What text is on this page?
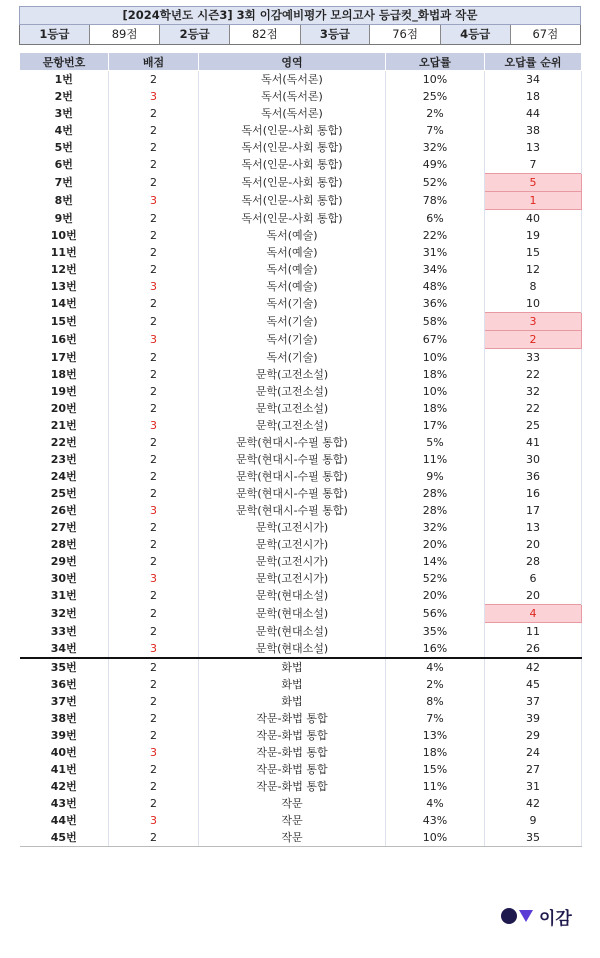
[2024학년도 시즌3] 3회 이감예비평가 모의고사 등급컷_화법과 작문
1등급	89점	2등급	82점	3등급	76점	4등급	67점
문항번호	배점	영역	오답률	오답률 순위
1번	2	독서(독서론)	10%	34
2번	3	독서(독서론)	25%	18
3번	2	독서(독서론)	2%	44
4번	2	독서(인문-사회 통합)	7%	38
5번	2	독서(인문-사회 통합)	32%	13
6번	2	독서(인문-사회 통합)	49%	7
7번	2	독서(인문-사회 통합)	52%	5
8번	3	독서(인문-사회 통합)	78%	1
9번	2	독서(인문-사회 통합)	6%	40
10번	2	독서(예술)	22%	19
11번	2	독서(예술)	31%	15
12번	2	독서(예술)	34%	12
13번	3	독서(예술)	48%	8
14번	2	독서(기술)	36%	10
15번	2	독서(기술)	58%	3
16번	3	독서(기술)	67%	2
17번	2	독서(기술)	10%	33
18번	2	문학(고전소설)	18%	22
19번	2	문학(고전소설)	10%	32
20번	2	문학(고전소설)	18%	22
21번	3	문학(고전소설)	17%	25
22번	2	문학(현대시-수필 통합)	5%	41
23번	2	문학(현대시-수필 통합)	11%	30
24번	2	문학(현대시-수필 통합)	9%	36
25번	2	문학(현대시-수필 통합)	28%	16
26번	3	문학(현대시-수필 통합)	28%	17
27번	2	문학(고전시가)	32%	13
28번	2	문학(고전시가)	20%	20
29번	2	문학(고전시가)	14%	28
30번	3	문학(고전시가)	52%	6
31번	2	문학(현대소설)	20%	20
32번	2	문학(현대소설)	56%	4
33번	2	문학(현대소설)	35%	11
34번	3	문학(현대소설)	16%	26
35번	2	화법	4%	42
36번	2	화법	2%	45
37번	2	화법	8%	37
38번	2	작문-화법 통합	7%	39
39번	2	작문-화법 통합	13%	29
40번	3	작문-화법 통합	18%	24
41번	2	작문-화법 통합	15%	27
42번	2	작문-화법 통합	11%	31
43번	2	작문	4%	42
44번	3	작문	43%	9
45번	2	작문	10%	35
이감
